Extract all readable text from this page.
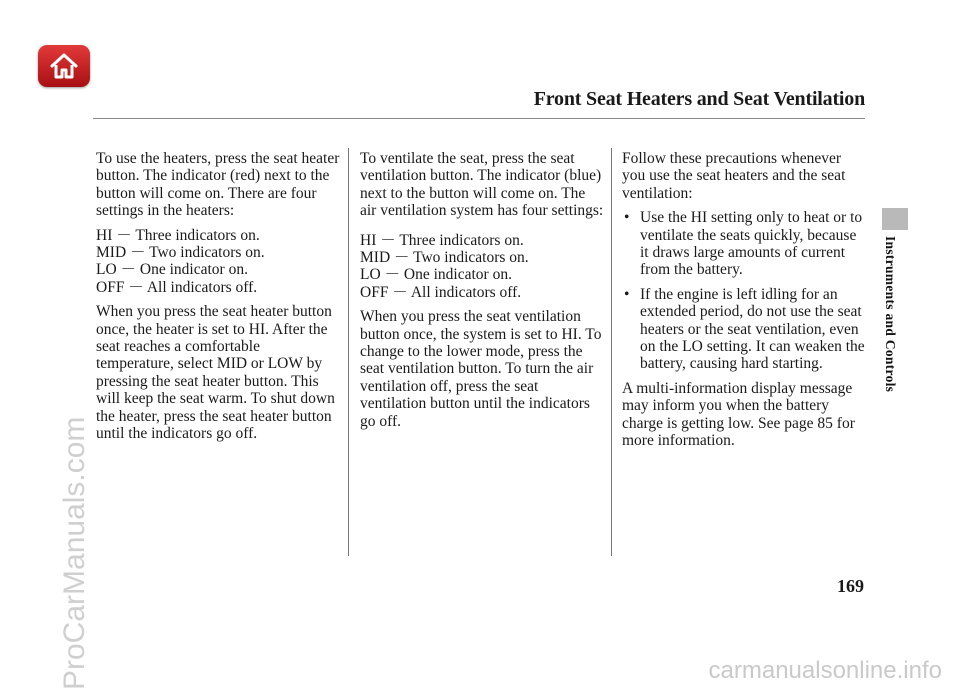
Front Seat Heaters and Seat Ventilation

To use the heaters, press the seat heater button. The indicator (red) next to the button will come on. There are four settings in the heaters:

HI － Three indicators on.
MID － Two indicators on.
LO － One indicator on.
OFF － All indicators off.

When you press the seat heater button once, the heater is set to HI. After the seat reaches a comfortable temperature, select MID or LOW by pressing the seat heater button. This will keep the seat warm. To shut down the heater, press the seat heater button until the indicators go off.

To ventilate the seat, press the seat ventilation button. The indicator (blue) next to the button will come on. The air ventilation system has four settings:

HI － Three indicators on.
MID － Two indicators on.
LO － One indicator on.
OFF － All indicators off.

When you press the seat ventilation button once, the system is set to HI. To change to the lower mode, press the seat ventilation button. To turn the air ventilation off, press the seat ventilation button until the indicators go off.

Follow these precautions whenever you use the seat heaters and the seat ventilation:

• Use the HI setting only to heat or to ventilate the seats quickly, because it draws large amounts of current from the battery.
• If the engine is left idling for an extended period, do not use the seat heaters or the seat ventilation, even on the LO setting. It can weaken the battery, causing hard starting.

A multi-information display message may inform you when the battery charge is getting low. See page 85 for more information.

Instruments and Controls
169
ProCarManuals.com	carmanualsonline.info
